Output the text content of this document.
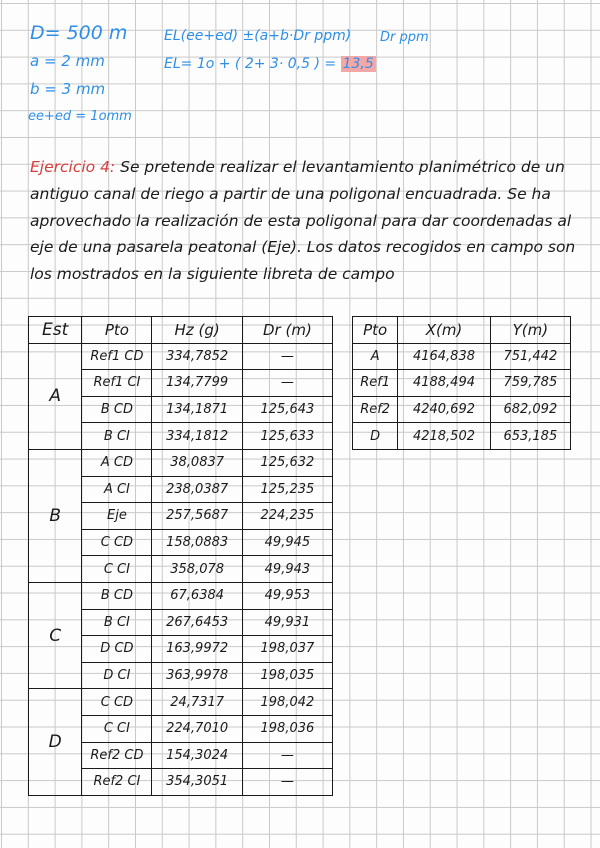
D= 500 m
a = 2 mm
b = 3 mm
ee+ed = 1omm
EL(ee+ed) ±(a+b·Dr ppm) Dr ppm
EL= 1o + ( 2+ 3· 0,5 ) = 13,5
Ejercicio 4: Se pretende realizar el levantamiento planimétrico de un antiguo canal de riego a partir de una poligonal encuadrada. Se ha aprovechado la realización de esta poligonal para dar coordenadas al eje de una pasarela peatonal (Eje). Los datos recogidos en campo son los mostrados en la siguiente libreta de campo
Est	Pto	Hz (g)	Dr (m)
A	Ref1 CD	334,7852	—
	Ref1 CI	134,7799	—
	B CD	134,1871	125,643
	B CI	334,1812	125,633
B	A CD	38,0837	125,632
	A CI	238,0387	125,235
	Eje	257,5687	224,235
	C CD	158,0883	49,945
	C CI	358,078	49,943
C	B CD	67,6384	49,953
	B CI	267,6453	49,931
	D CD	163,9972	198,037
	D CI	363,9978	198,035
D	C CD	24,7317	198,042
	C CI	224,7010	198,036
	Ref2 CD	154,3024	—
	Ref2 CI	354,3051	—
Pto	X(m)	Y(m)
A	4164,838	751,442
Ref1	4188,494	759,785
Ref2	4240,692	682,092
D	4218,502	653,185
